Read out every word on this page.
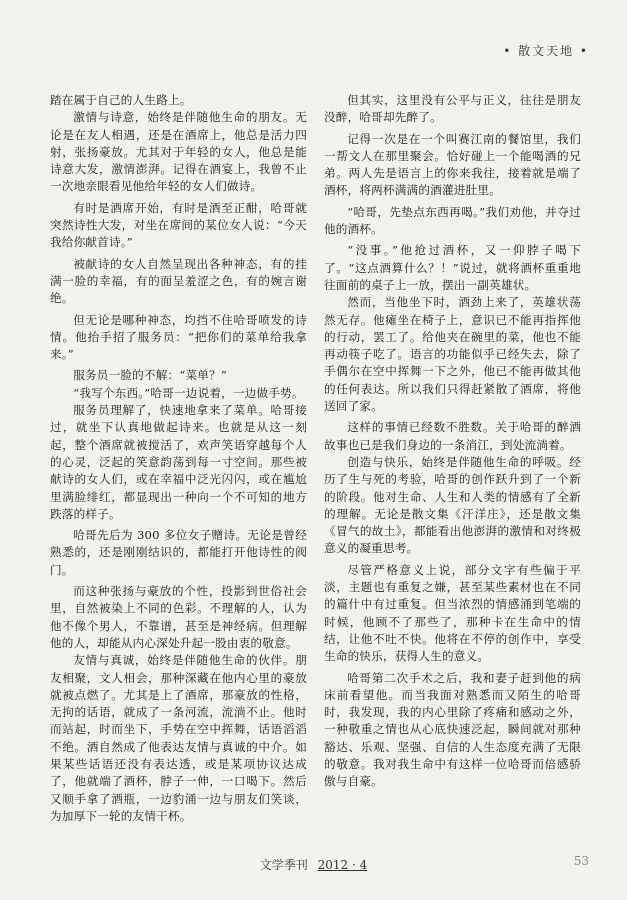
• 散文天地 •

踏在属于自己的人生路上。

激情与诗意，始终是伴随他生命的朋友。无论是在友人相遇，还是在酒席上，他总是活力四射，张扬豪放。尤其对于年轻的女人，他总是能诗意大发，激情澎湃。记得在酒宴上，我曾不止一次地亲眼看见他给年轻的女人们做诗。

有时是酒席开始，有时是酒至正酣，哈哥就突然诗性大发，对坐在席间的某位女人说：“今天我给你献首诗。”

被献诗的女人自然呈现出各种神态，有的挂满一脸的幸福，有的面呈羞涩之色，有的婉言谢绝。

但无论是哪种神态，均挡不住哈哥喷发的诗情。他抬手招了服务员：“把你们的菜单给我拿来。”

服务员一脸的不解：“菜单？”

“我写个东西。”哈哥一边说着，一边做手势。

服务员理解了，快速地拿来了菜单。哈哥接过，就坐下认真地做起诗来。也就是从这一刻起，整个酒席就被搅活了，欢声笑语穿越每个人的心灵，泛起的笑意韵荡到每一寸空间。那些被献诗的女人们，或在幸福中泛光闪闪，或在尴尬里满脸绯红，都显现出一种向一个不可知的地方跌落的样子。

哈哥先后为 300 多位女子赠诗。无论是曾经熟悉的，还是刚刚结识的，都能打开他诗性的阀门。

而这种张扬与豪放的个性，投影到世俗社会里，自然被染上不同的色彩。不理解的人，认为他不像个男人，不靠谱，甚至是神经病。但理解他的人，却能从内心深处升起一股由衷的敬意。

友情与真诚，始终是伴随他生命的伙伴。朋友相聚，文人相会，那种深藏在他内心里的豪放就被点燃了。尤其是上了酒席，那豪放的性格，无拘的话语，就成了一条河流，流淌不止。他时而站起，时而坐下，手势在空中挥舞，话语滔滔不绝。酒自然成了他表达友情与真诚的中介。如果某些话语还没有表达透，或是某项协议达成了，他就端了酒杯，脖子一伸，一口喝下。然后又顺手拿了酒瓶，一边豹涌一边与朋友们笑谈，为加厚下一轮的友情干杯。

但其实，这里没有公平与正义，往往是朋友没醉，哈哥却先醉了。

记得一次是在一个叫赛江南的餐馆里，我们一帮文人在那里聚会。恰好碰上一个能喝酒的兄弟。两人先是语言上的你来我往，接着就是端了酒杯，将两杯满满的酒灌进肚里。

“哈哥，先垫点东西再喝。”我们劝他，并夺过他的酒杯。

“没事。”他抢过酒杯，又一仰脖子喝下了。“这点酒算什么？！”说过，就将酒杯重重地往面前的桌子上一放，摆出一副英雄状。

然而，当他坐下时，酒劲上来了，英雄状荡然无存。他瘫坐在椅子上，意识已不能再指挥他的行动，罢工了。给他夹在碗里的菜，他也不能再动筷子吃了。语言的功能似乎已经失去，除了手偶尔在空中挥舞一下之外，他已不能再做其他的任何表达。所以我们只得赶紧散了酒席，将他送回了家。

这样的事情已经数不胜数。关于哈哥的醉酒故事也已是我们身边的一条消江，到处流淌着。

创造与快乐，始终是伴随他生命的呼吸。经历了生与死的考验，哈哥的创作跃升到了一个新的阶段。他对生命、人生和人类的情感有了全新的理解。无论是散文集《汗洋庄》，还是散文集《冒气的故土》，都能看出他澎湃的激情和对终极意义的凝重思考。

尽管严格意义上说，部分文字有些偏于平淡，主题也有重复之嫌，甚至某些素材也在不同的篇什中有过重复。但当浓烈的情感涌到笔端的时候，他顾不了那些了，那种卡在生命中的情结，让他不吐不快。他将在不停的创作中，享受生命的快乐，获得人生的意义。

哈哥第二次手术之后，我和妻子赶到他的病床前看望他。而当我面对熟悉而又陌生的哈哥时，我发现，我的内心里除了疼痛和感动之外，一种敬重之情也从心底快速泛起，瞬间就对那种豁达、乐观、坚强、自信的人生态度充满了无限的敬意。我对我生命中有这样一位哈哥而倍感骄傲与自豪。

文学季刊 2012 · 4	53
